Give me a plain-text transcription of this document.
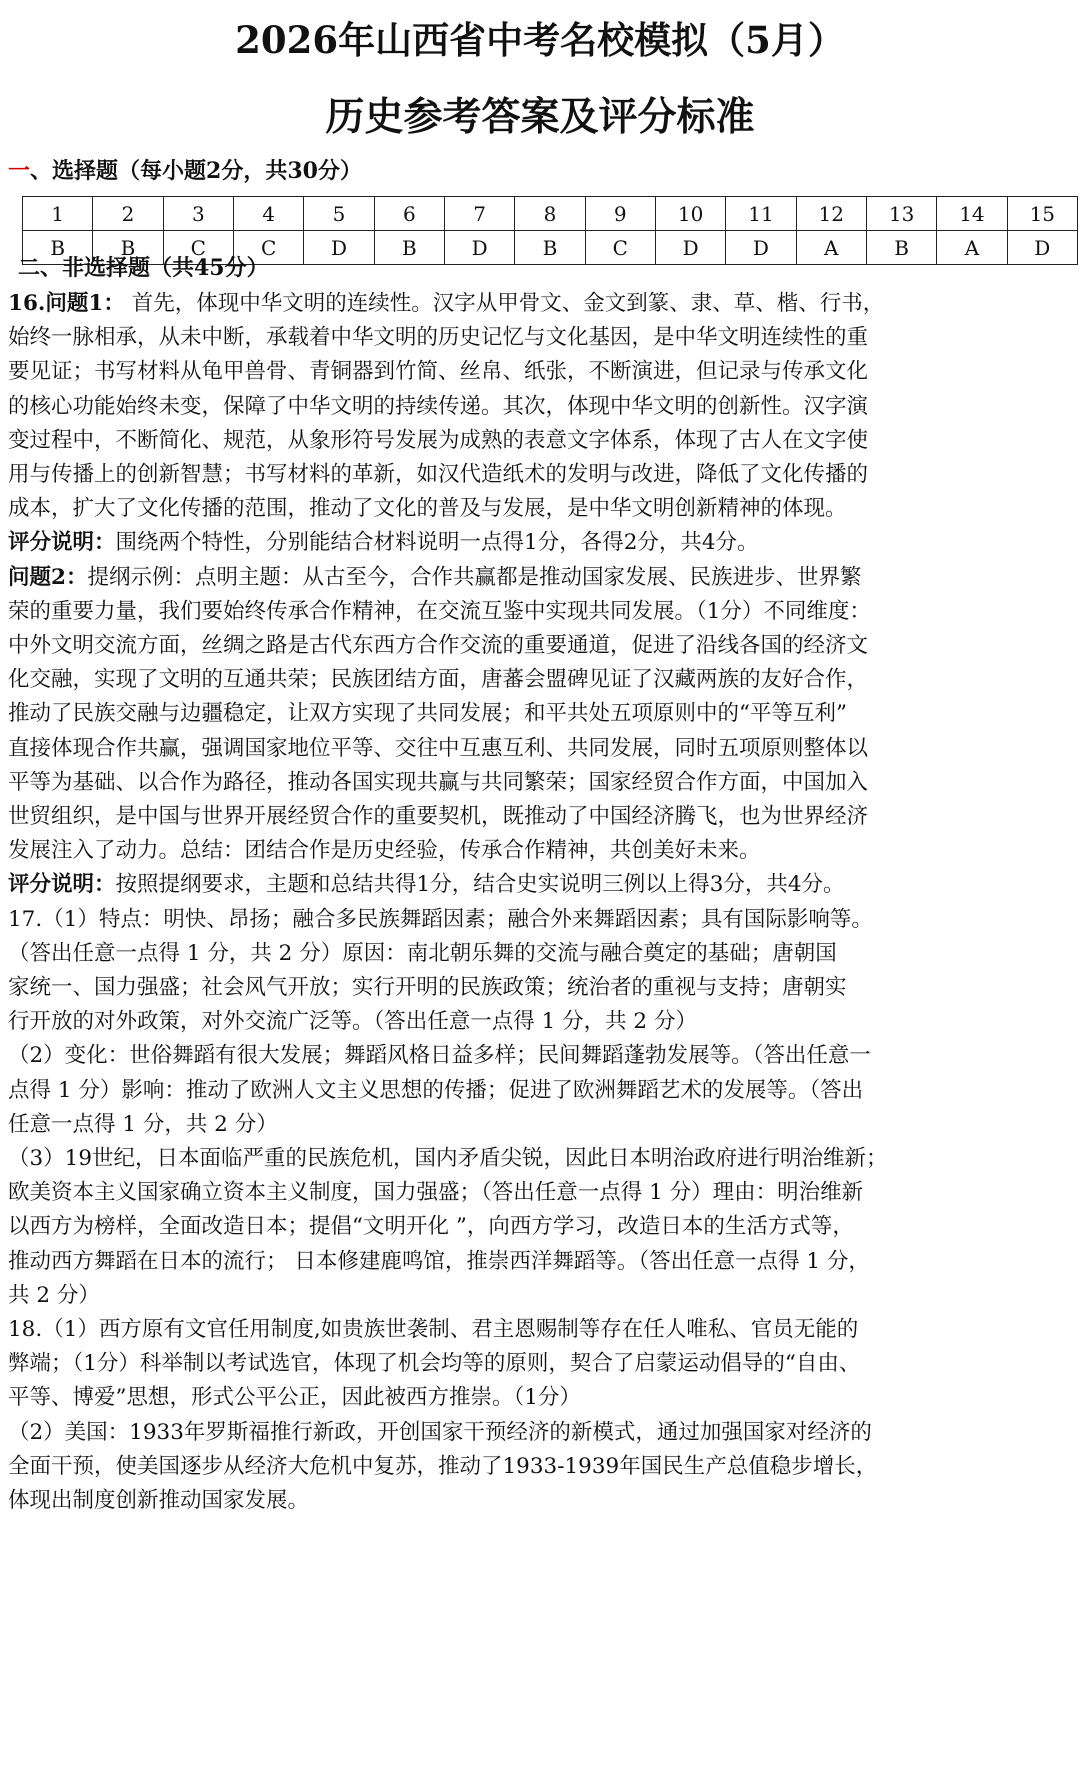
2026年山西省中考名校模拟（5月）
历史参考答案及评分标准
一、选择题（每小题2分，共30分）
1	2	3	4	5	6	7	8	9	10	11	12	13	14	15
B	B	C	C	D	B	D	B	C	D	D	A	B	A	D
二、非选择题（共45分）
16.问题1： 首先，体现中华文明的连续性。汉字从甲骨文、金文到篆、隶、草、楷、行书，
始终一脉相承，从未中断，承载着中华文明的历史记忆与文化基因，是中华文明连续性的重
要见证；书写材料从龟甲兽骨、青铜器到竹简、丝帛、纸张，不断演进，但记录与传承文化
的核心功能始终未变，保障了中华文明的持续传递。其次，体现中华文明的创新性。汉字演
变过程中，不断简化、规范，从象形符号发展为成熟的表意文字体系，体现了古人在文字使
用与传播上的创新智慧；书写材料的革新，如汉代造纸术的发明与改进，降低了文化传播的
成本，扩大了文化传播的范围，推动了文化的普及与发展，是中华文明创新精神的体现。
评分说明：围绕两个特性，分别能结合材料说明一点得1分，各得2分，共4分。
问题2：提纲示例：点明主题：从古至今，合作共赢都是推动国家发展、民族进步、世界繁
荣的重要力量，我们要始终传承合作精神，在交流互鉴中实现共同发展。（1分）不同维度：
中外文明交流方面，丝绸之路是古代东西方合作交流的重要通道，促进了沿线各国的经济文
化交融，实现了文明的互通共荣；民族团结方面，唐蕃会盟碑见证了汉藏两族的友好合作，
推动了民族交融与边疆稳定，让双方实现了共同发展；和平共处五项原则中的“平等互利”
直接体现合作共赢，强调国家地位平等、交往中互惠互利、共同发展，同时五项原则整体以
平等为基础、以合作为路径，推动各国实现共赢与共同繁荣；国家经贸合作方面，中国加入
世贸组织，是中国与世界开展经贸合作的重要契机，既推动了中国经济腾飞，也为世界经济
发展注入了动力。总结：团结合作是历史经验，传承合作精神，共创美好未来。
评分说明：按照提纲要求，主题和总结共得1分，结合史实说明三例以上得3分，共4分。
17.（1）特点：明快、昂扬；融合多民族舞蹈因素；融合外来舞蹈因素；具有国际影响等。
（答出任意一点得 1 分，共 2 分）原因：南北朝乐舞的交流与融合奠定的基础；唐朝国
家统一、国力强盛；社会风气开放；实行开明的民族政策；统治者的重视与支持；唐朝实
行开放的对外政策，对外交流广泛等。（答出任意一点得 1 分，共 2 分）
（2）变化：世俗舞蹈有很大发展；舞蹈风格日益多样；民间舞蹈蓬勃发展等。（答出任意一
点得 1 分）影响：推动了欧洲人文主义思想的传播；促进了欧洲舞蹈艺术的发展等。（答出
任意一点得 1 分，共 2 分）
（3）19世纪，日本面临严重的民族危机，国内矛盾尖锐，因此日本明治政府进行明治维新；
欧美资本主义国家确立资本主义制度，国力强盛；（答出任意一点得 1 分）理由：明治维新
以西方为榜样，全面改造日本；提倡“文明开化 ”，向西方学习，改造日本的生活方式等，
推动西方舞蹈在日本的流行； 日本修建鹿鸣馆，推崇西洋舞蹈等。（答出任意一点得 1 分，
共 2 分）
18.（1）西方原有文官任用制度,如贵族世袭制、君主恩赐制等存在任人唯私、官员无能的
弊端；（1分）科举制以考试选官，体现了机会均等的原则，契合了启蒙运动倡导的“自由、
平等、博爱”思想，形式公平公正，因此被西方推崇。（1分）
（2）美国：1933年罗斯福推行新政，开创国家干预经济的新模式，通过加强国家对经济的
全面干预，使美国逐步从经济大危机中复苏，推动了1933-1939年国民生产总值稳步增长，
体现出制度创新推动国家发展。
